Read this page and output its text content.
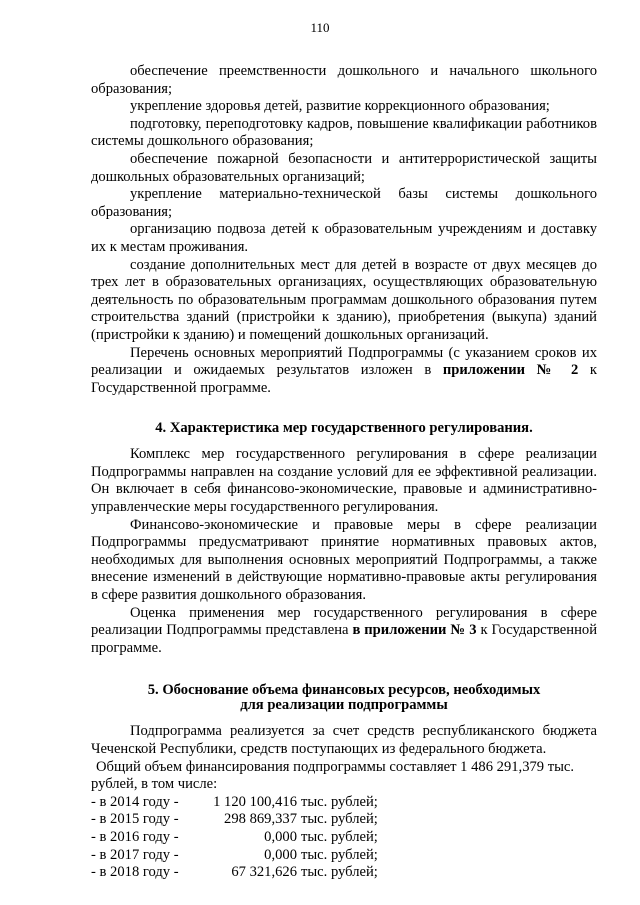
110

обеспечение преемственности дошкольного и начального школьного образования;

укрепление здоровья детей, развитие коррекционного образования;

подготовку, переподготовку кадров, повышение квалификации работников системы дошкольного образования;

обеспечение пожарной безопасности и антитеррористической защиты дошкольных образовательных организаций;

укрепление материально-технической базы системы дошкольного образования;

организацию подвоза детей к образовательным учреждениям и доставку их к местам проживания.

создание дополнительных мест для детей в возрасте от двух месяцев до трех лет в образовательных организациях, осуществляющих образовательную деятельность по образовательным программам дошкольного образования путем строительства зданий (пристройки к зданию), приобретения (выкупа) зданий (пристройки к зданию) и помещений дошкольных организаций.

Перечень основных мероприятий Подпрограммы (с указанием сроков их реализации и ожидаемых результатов изложен в приложении № 2 к Государственной программе.

4. Характеристика мер государственного регулирования.

Комплекс мер государственного регулирования в сфере реализации Подпрограммы направлен на создание условий для ее эффективной реализации. Он включает в себя финансово-экономические, правовые и административно-управленческие меры государственного регулирования.

Финансово-экономические и правовые меры в сфере реализации Подпрограммы предусматривают принятие нормативных правовых актов, необходимых для выполнения основных мероприятий Подпрограммы, а также внесение изменений в действующие нормативно-правовые акты регулирования в сфере развития дошкольного образования.

Оценка применения мер государственного регулирования в сфере реализации Подпрограммы представлена в приложении № 3 к Государственной программе.

5. Обоснование объема финансовых ресурсов, необходимых
для реализации подпрограммы

Подпрограмма реализуется за счет средств республиканского бюджета Чеченской Республики, средств поступающих из федерального бюджета.

Общий объем финансирования подпрограммы составляет 1 486 291,379 тыс.

рублей, в том числе:

- в 2014 году -	1 120 100,416 тыс. рублей;
- в 2015 году -	298 869,337 тыс. рублей;
- в 2016 году -	0,000 тыс. рублей;
- в 2017 году -	0,000 тыс. рублей;
- в 2018 году -	67 321,626 тыс. рублей;
